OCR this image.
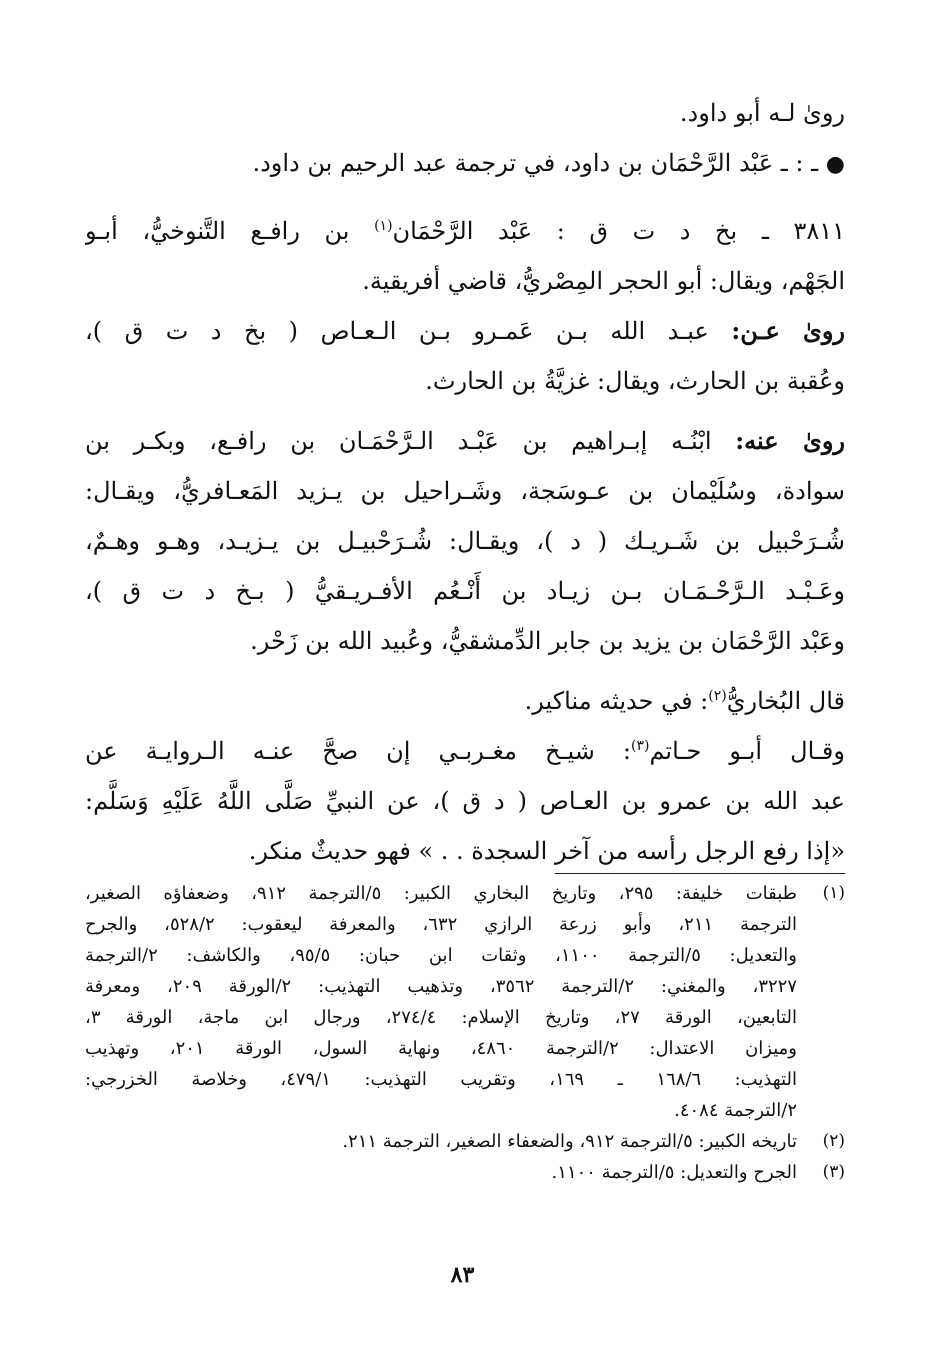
روىٰ لـه أبو داود.
● ـ : ـ عَبْد الرَّحْمَان بن داود، في ترجمة عبد الرحيم بن داود.
٣٨١١ ـ بخ د ت ق : عَبْد الرَّحْمَان$^{(١)}$ بن رافـع التَّنوخيُّ، أبـو
الجَهْم، ويقال: أبو الحجر المِصْريُّ، قاضي أفريقية.
روىٰ عـن: عبـد الله بـن عَمـرو بـن الـعـاص ( بخ د ت ق )،
وعُقبة بن الحارث، ويقال: غزيَّةُ بن الحارث.
روىٰ عنه: ابْنُـه إبـراهيم بن عَبْـد الـرَّحْمَـان بن رافـع، وبكـر بن
سوادة، وسُلَيْمان بن عـوسَجة، وشَـراحيل بن يـزيد المَعـافريُّ، ويقـال:
شُـرَحْبيل بن شَـريـك ( د )، ويقـال: شُـرَحْبيـل بن يـزيـد، وهـو وهـمٌ،
وعَـبْـد الـرَّحْـمَـان بـن زيـاد بن أَنْـعُم الأفـريـقيُّ ( بـخ د ت ق )،
وعَبْد الرَّحْمَان بن يزيد بن جابر الدِّمشقيُّ، وعُبيد الله بن زَحْر.
قال البُخاريُّ$^{(٢)}$: في حديثه مناكير.
وقـال أبـو حـاتم$^{(٣)}$: شيـخ مغـربـي إن صحَّ عنـه الـروايـة عن
عبد الله بن عمرو بن العـاص ( د ق )، عن النبيِّ صَلَّى اللَّهُ عَلَيْهِ وَسَلَّم:
«إذا رفع الرجل رأسه من آخر السجدة . . » فهو حديثٌ منكر.
(١)
طبقات خليفة: ٢٩٥، وتاريخ البخاري الكبير: ٥/الترجمة ٩١٢، وضعفاؤه الصغير،
الترجمة ٢١١، وأبو زرعة الرازي ٦٣٢، والمعرفة ليعقوب: ٥٢٨/٢، والجرح
والتعديل: ٥/الترجمة ١١٠٠، وثقات ابن حبان: ٩٥/٥، والكاشف: ٢/الترجمة
٣٢٢٧، والمغني: ٢/الترجمة ٣٥٦٢، وتذهيب التهذيب: ٢/الورقة ٢٠٩، ومعرفة
التابعين، الورقة ٢٧، وتاريخ الإسلام: ٢٧٤/٤، ورجال ابن ماجة، الورقة ٣،
وميزان الاعتدال: ٢/الترجمة ٤٨٦٠، ونهاية السول، الورقة ٢٠١، وتهذيب
التهذيب: ١٦٨/٦ ـ ١٦٩، وتقريب التهذيب: ٤٧٩/١، وخلاصة الخزرجي:
٢/الترجمة ٤٠٨٤.
(٢)
تاريخه الكبير: ٥/الترجمة ٩١٢، والضعفاء الصغير، الترجمة ٢١١.
(٣)
الجرح والتعديل: ٥/الترجمة ١١٠٠.
٨٣
